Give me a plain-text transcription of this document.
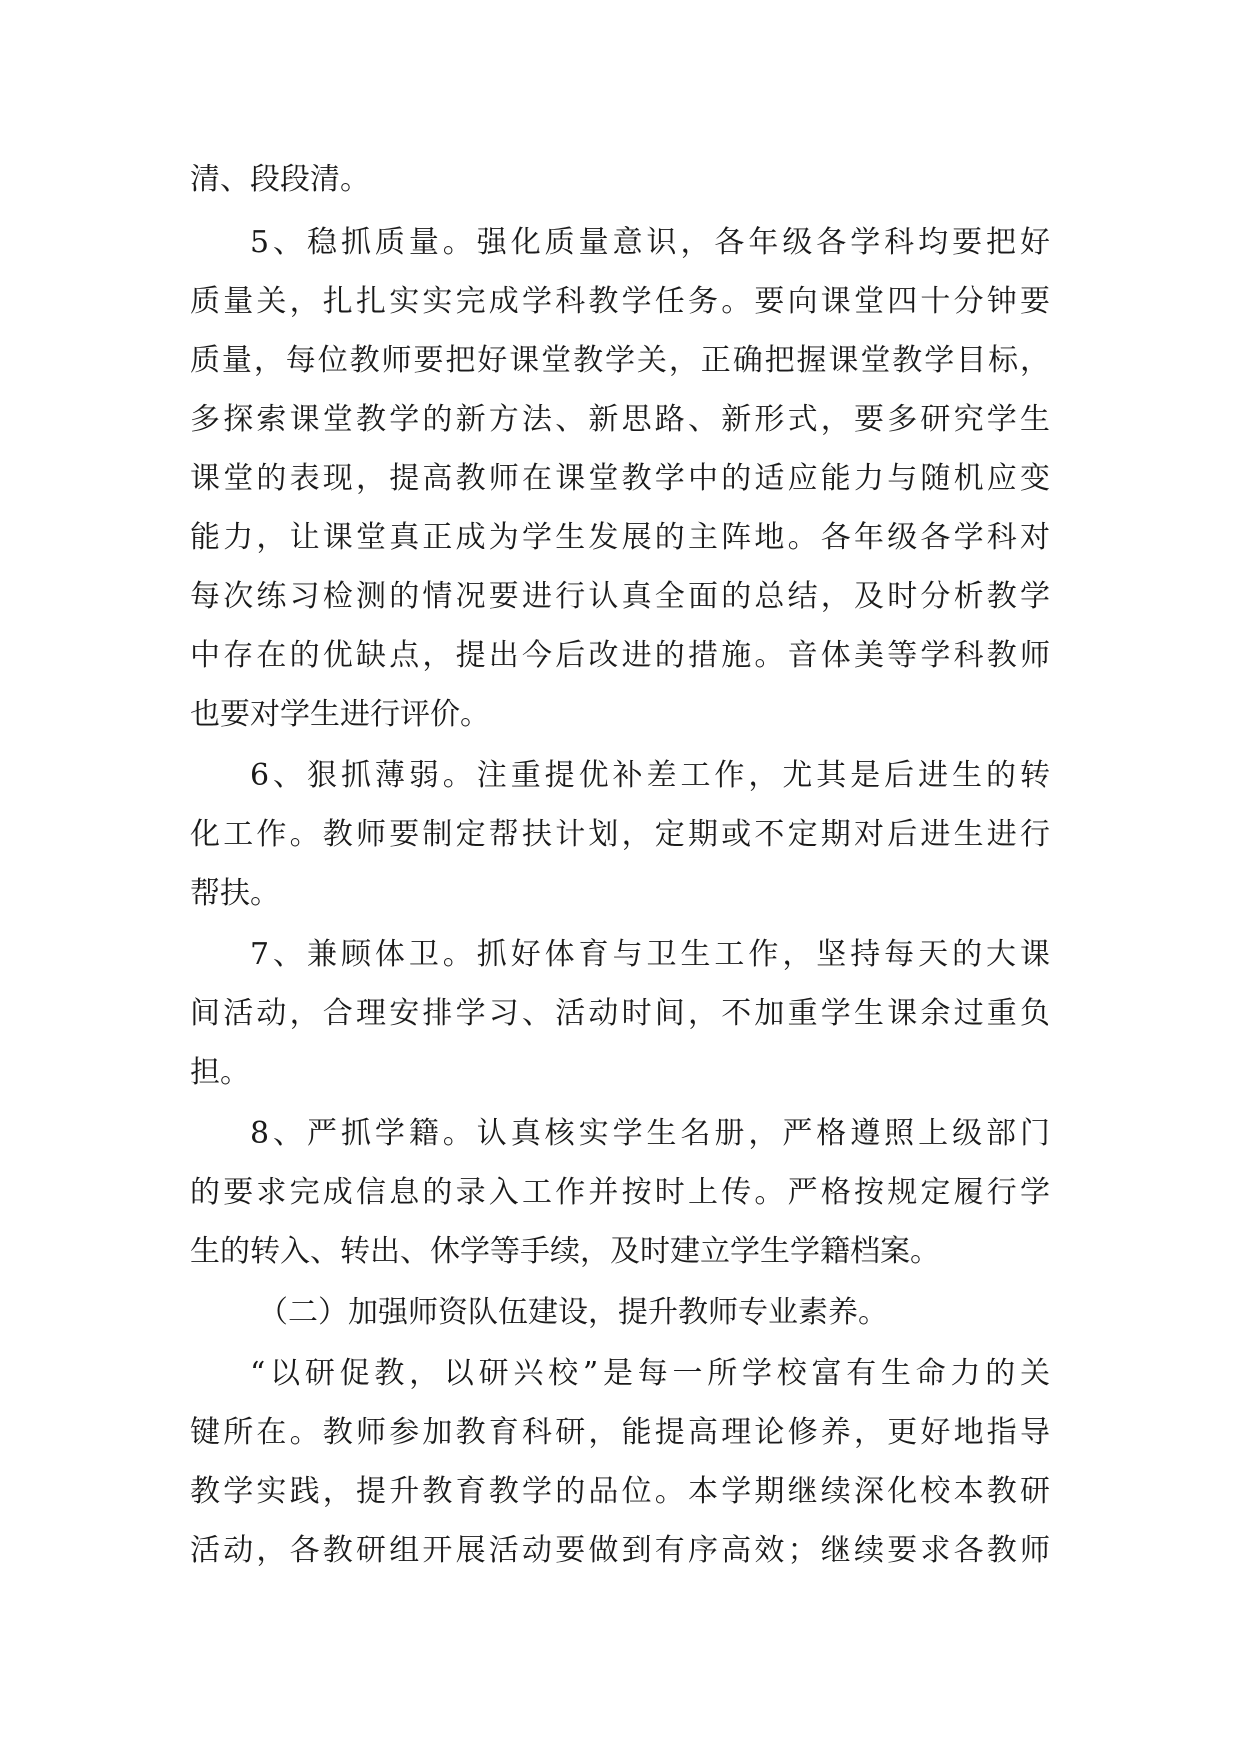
清、段段清。
5、稳抓质量。强化质量意识，各年级各学科均要把好
质量关，扎扎实实完成学科教学任务。要向课堂四十分钟要
质量，每位教师要把好课堂教学关，正确把握课堂教学目标，
多探索课堂教学的新方法、新思路、新形式，要多研究学生
课堂的表现，提高教师在课堂教学中的适应能力与随机应变
能力，让课堂真正成为学生发展的主阵地。各年级各学科对
每次练习检测的情况要进行认真全面的总结，及时分析教学
中存在的优缺点，提出今后改进的措施。音体美等学科教师
也要对学生进行评价。
6、狠抓薄弱。注重提优补差工作，尤其是后进生的转
化工作。教师要制定帮扶计划，定期或不定期对后进生进行
帮扶。
7、兼顾体卫。抓好体育与卫生工作，坚持每天的大课
间活动，合理安排学习、活动时间，不加重学生课余过重负
担。
8、严抓学籍。认真核实学生名册，严格遵照上级部门
的要求完成信息的录入工作并按时上传。严格按规定履行学
生的转入、转出、休学等手续，及时建立学生学籍档案。
（二）加强师资队伍建设，提升教师专业素养。
“以研促教，以研兴校”是每一所学校富有生命力的关
键所在。教师参加教育科研，能提高理论修养，更好地指导
教学实践，提升教育教学的品位。本学期继续深化校本教研
活动，各教研组开展活动要做到有序高效；继续要求各教师
